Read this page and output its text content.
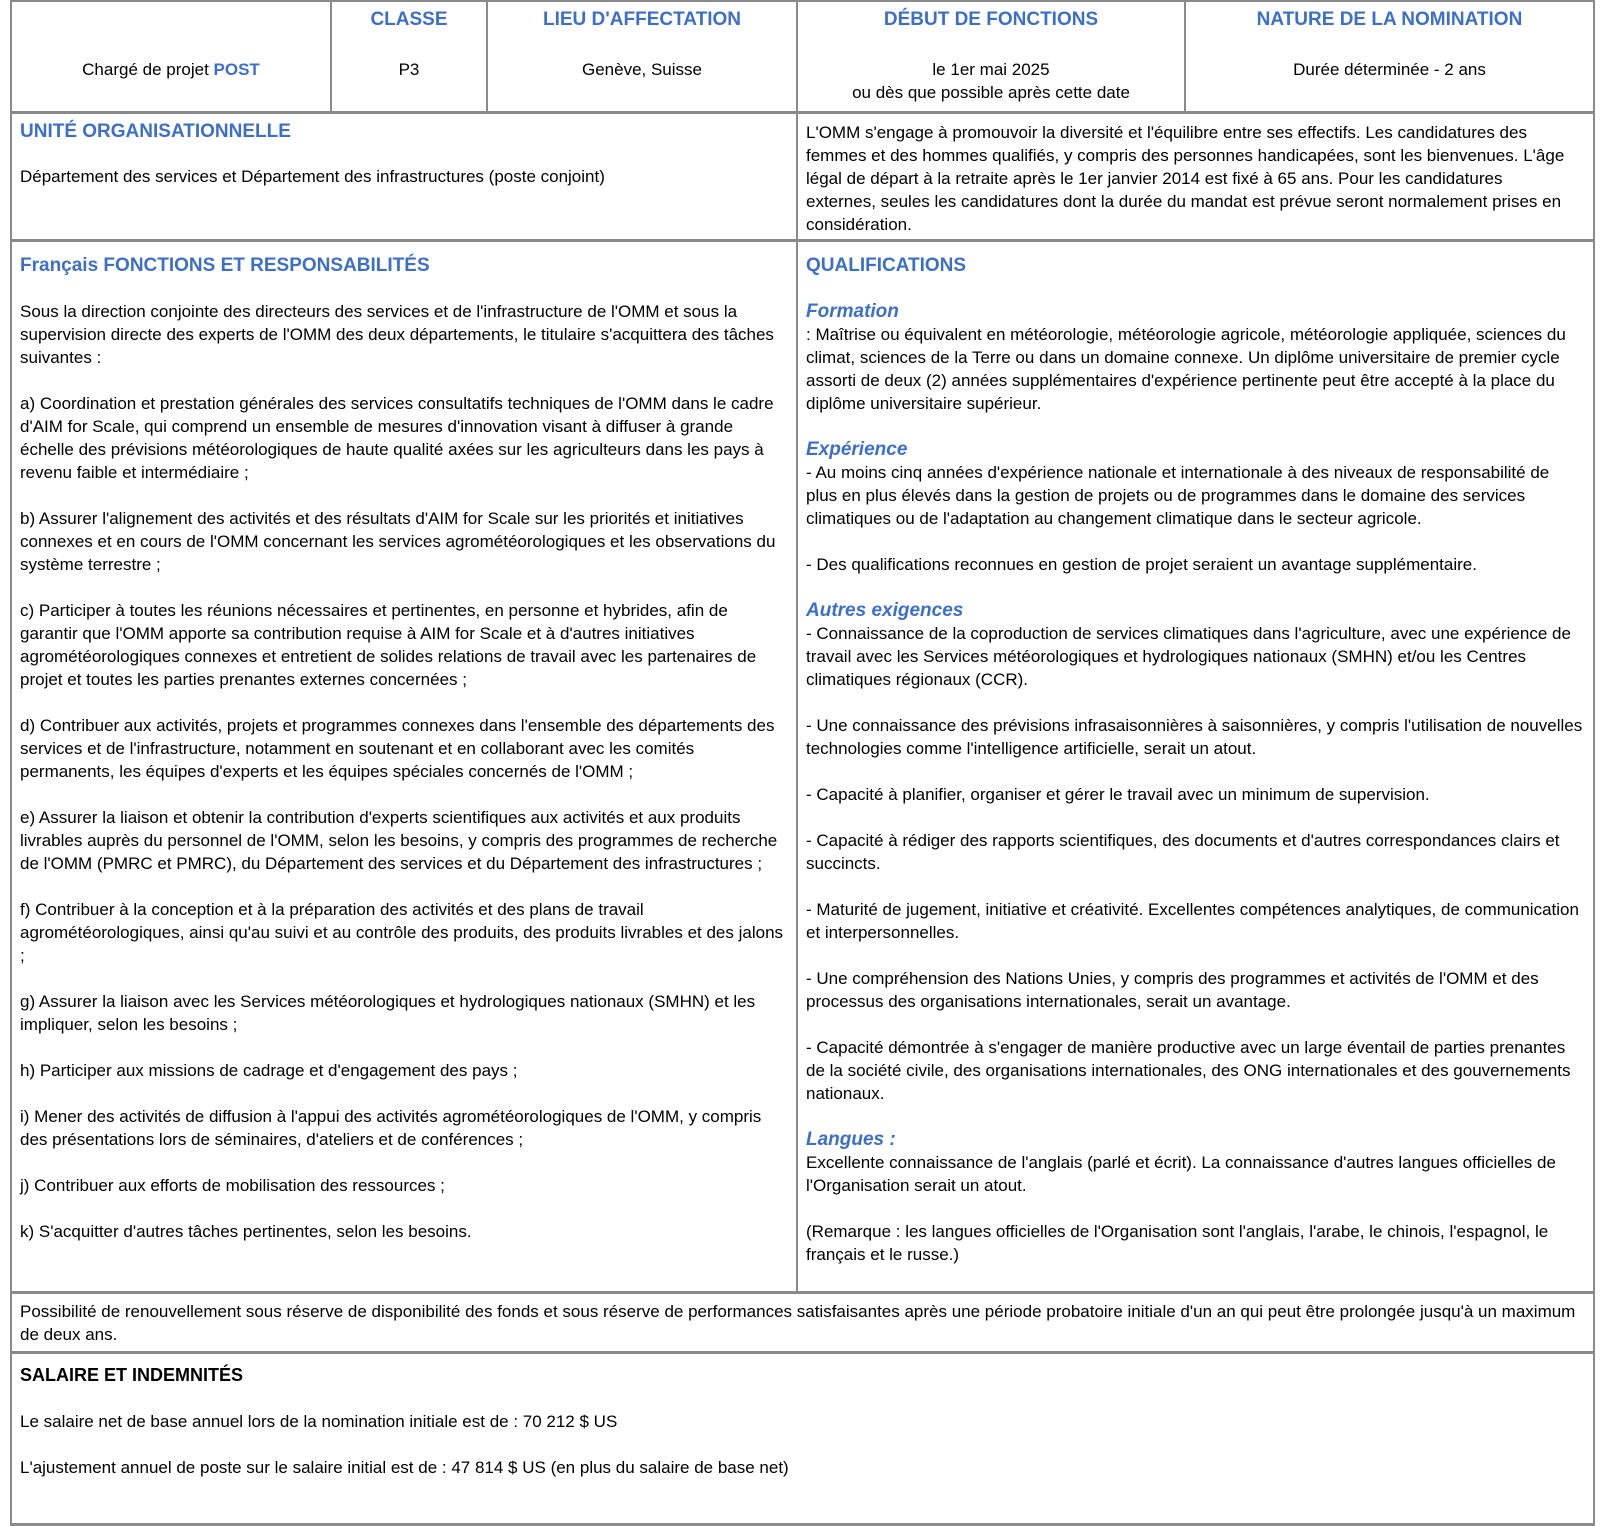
Chargé de projet POST

CLASSE

P3

LIEU D'AFFECTATION

Genève, Suisse

DÉBUT DE FONCTIONS

le 1er mai 2025

ou dès que possible après cette date

NATURE DE LA NOMINATION

Durée déterminée - 2 ans

UNITÉ ORGANISATIONNELLE

Département des services et Département des infrastructures (poste conjoint)

L'OMM s'engage à promouvoir la diversité et l'équilibre entre ses effectifs. Les candidatures des femmes et des hommes qualifiés, y compris des personnes handicapées, sont les bienvenues. L'âge légal de départ à la retraite après le 1er janvier 2014 est fixé à 65 ans. Pour les candidatures externes, seules les candidatures dont la durée du mandat est prévue seront normalement prises en considération.

Français FONCTIONS ET RESPONSABILITÉS

Sous la direction conjointe des directeurs des services et de l'infrastructure de l'OMM et sous la supervision directe des experts de l'OMM des deux départements, le titulaire s'acquittera des tâches suivantes :

a) Coordination et prestation générales des services consultatifs techniques de l'OMM dans le cadre d'AIM for Scale, qui comprend un ensemble de mesures d'innovation visant à diffuser à grande échelle des prévisions météorologiques de haute qualité axées sur les agriculteurs dans les pays à revenu faible et intermédiaire ;

b) Assurer l'alignement des activités et des résultats d'AIM for Scale sur les priorités et initiatives connexes et en cours de l'OMM concernant les services agrométéorologiques et les observations du système terrestre ;

c) Participer à toutes les réunions nécessaires et pertinentes, en personne et hybrides, afin de garantir que l'OMM apporte sa contribution requise à AIM for Scale et à d'autres initiatives agrométéorologiques connexes et entretient de solides relations de travail avec les partenaires de projet et toutes les parties prenantes externes concernées ;

d) Contribuer aux activités, projets et programmes connexes dans l'ensemble des départements des services et de l'infrastructure, notamment en soutenant et en collaborant avec les comités permanents, les équipes d'experts et les équipes spéciales concernés de l'OMM ;

e) Assurer la liaison et obtenir la contribution d'experts scientifiques aux activités et aux produits livrables auprès du personnel de l'OMM, selon les besoins, y compris des programmes de recherche de l'OMM (PMRC et PMRC), du Département des services et du Département des infrastructures ;

f) Contribuer à la conception et à la préparation des activités et des plans de travail agrométéorologiques, ainsi qu'au suivi et au contrôle des produits, des produits livrables et des jalons ;

g) Assurer la liaison avec les Services météorologiques et hydrologiques nationaux (SMHN) et les impliquer, selon les besoins ;

h) Participer aux missions de cadrage et d'engagement des pays ;

i) Mener des activités de diffusion à l'appui des activités agrométéorologiques de l'OMM, y compris des présentations lors de séminaires, d'ateliers et de conférences ;

j) Contribuer aux efforts de mobilisation des ressources ;

k) S'acquitter d'autres tâches pertinentes, selon les besoins.

QUALIFICATIONS

Formation

: Maîtrise ou équivalent en météorologie, météorologie agricole, météorologie appliquée, sciences du climat, sciences de la Terre ou dans un domaine connexe. Un diplôme universitaire de premier cycle assorti de deux (2) années supplémentaires d'expérience pertinente peut être accepté à la place du diplôme universitaire supérieur.

Expérience

- Au moins cinq années d'expérience nationale et internationale à des niveaux de responsabilité de plus en plus élevés dans la gestion de projets ou de programmes dans le domaine des services climatiques ou de l'adaptation au changement climatique dans le secteur agricole.

- Des qualifications reconnues en gestion de projet seraient un avantage supplémentaire.

Autres exigences

- Connaissance de la coproduction de services climatiques dans l'agriculture, avec une expérience de travail avec les Services météorologiques et hydrologiques nationaux (SMHN) et/ou les Centres climatiques régionaux (CCR).

- Une connaissance des prévisions infrasaisonnières à saisonnières, y compris l'utilisation de nouvelles technologies comme l'intelligence artificielle, serait un atout.

- Capacité à planifier, organiser et gérer le travail avec un minimum de supervision.

- Capacité à rédiger des rapports scientifiques, des documents et d'autres correspondances clairs et succincts.

- Maturité de jugement, initiative et créativité. Excellentes compétences analytiques, de communication et interpersonnelles.

- Une compréhension des Nations Unies, y compris des programmes et activités de l'OMM et des processus des organisations internationales, serait un avantage.

- Capacité démontrée à s'engager de manière productive avec un large éventail de parties prenantes de la société civile, des organisations internationales, des ONG internationales et des gouvernements nationaux.

Langues :

Excellente connaissance de l'anglais (parlé et écrit). La connaissance d'autres langues officielles de l'Organisation serait un atout.

(Remarque : les langues officielles de l'Organisation sont l'anglais, l'arabe, le chinois, l'espagnol, le français et le russe.)

Possibilité de renouvellement sous réserve de disponibilité des fonds et sous réserve de performances satisfaisantes après une période probatoire initiale d'un an qui peut être prolongée jusqu'à un maximum de deux ans.

SALAIRE ET INDEMNITÉS

Le salaire net de base annuel lors de la nomination initiale est de : 70 212 $ US

L'ajustement annuel de poste sur le salaire initial est de : 47 814 $ US (en plus du salaire de base net)
